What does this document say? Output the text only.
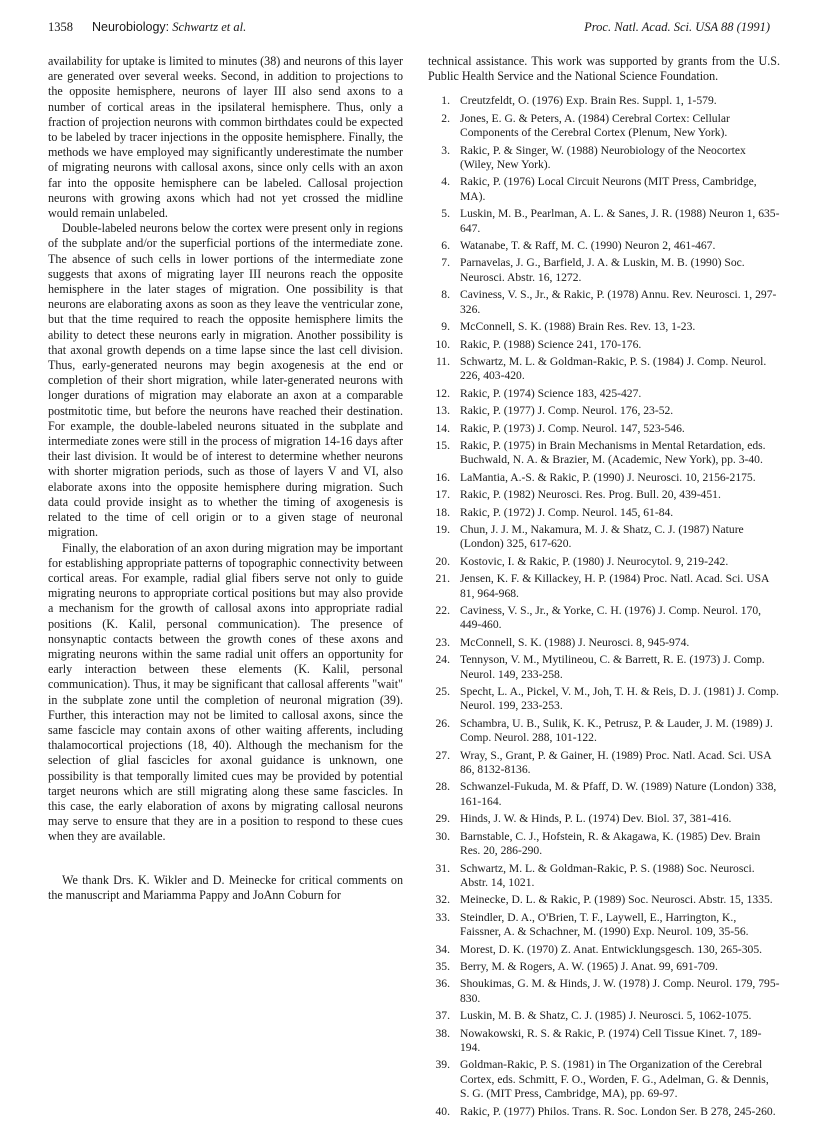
1358 Neurobiology: Schwartz et al.	Proc. Natl. Acad. Sci. USA 88 (1991)

availability for uptake is limited to minutes (38) and neurons of this layer are generated over several weeks. Second, in addition to projections to the opposite hemisphere, neurons of layer III also send axons to a number of cortical areas in the ipsilateral hemisphere. Thus, only a fraction of projection neurons with common birthdates could be expected to be labeled by tracer injections in the opposite hemisphere. Finally, the methods we have employed may significantly underestimate the number of migrating neurons with callosal axons, since only cells with an axon far into the opposite hemisphere can be labeled. Callosal projection neurons with growing axons which had not yet crossed the midline would remain unlabeled.

Double-labeled neurons below the cortex were present only in regions of the subplate and/or the superficial portions of the intermediate zone. The absence of such cells in lower portions of the intermediate zone suggests that axons of migrating layer III neurons reach the opposite hemisphere in the later stages of migration. One possibility is that neurons are elaborating axons as soon as they leave the ventricular zone, but that the time required to reach the opposite hemisphere limits the ability to detect these neurons early in migration. Another possibility is that axonal growth depends on a time lapse since the last cell division. Thus, early-generated neurons may begin axogenesis at the end or completion of their short migration, while later-generated neurons with longer durations of migration may elaborate an axon at a comparable postmitotic time, but before the neurons have reached their destination. For example, the double-labeled neurons situated in the subplate and intermediate zones were still in the process of migration 14-16 days after their last division. It would be of interest to determine whether neurons with shorter migration periods, such as those of layers V and VI, also elaborate axons into the opposite hemisphere during migration. Such data could provide insight as to whether the timing of axogenesis is related to the time of cell origin or to a given stage of neuronal migration.

Finally, the elaboration of an axon during migration may be important for establishing appropriate patterns of topographic connectivity between cortical areas. For example, radial glial fibers serve not only to guide migrating neurons to appropriate cortical positions but may also provide a mechanism for the growth of callosal axons into appropriate radial positions (K. Kalil, personal communication). The presence of nonsynaptic contacts between the growth cones of these axons and migrating neurons within the same radial unit offers an opportunity for early interaction between these elements (K. Kalil, personal communication). Thus, it may be significant that callosal afferents "wait" in the subplate zone until the completion of neuronal migration (39). Further, this interaction may not be limited to callosal axons, since the same fascicle may contain axons of other waiting afferents, including thalamocortical projections (18, 40). Although the mechanism for the selection of glial fascicles for axonal guidance is unknown, one possibility is that temporally limited cues may be provided by potential target neurons which are still migrating along these same fascicles. In this case, the early elaboration of axons by migrating callosal neurons may serve to ensure that they are in a position to respond to these cues when they are available.

We thank Drs. K. Wikler and D. Meinecke for critical comments on the manuscript and Mariamma Pappy and JoAnn Coburn for

technical assistance. This work was supported by grants from the U.S. Public Health Service and the National Science Foundation.

1. Creutzfeldt, O. (1976) Exp. Brain Res. Suppl. 1, 1-579.
2. Jones, E. G. & Peters, A. (1984) Cerebral Cortex: Cellular Components of the Cerebral Cortex (Plenum, New York).
3. Rakic, P. & Singer, W. (1988) Neurobiology of the Neocortex (Wiley, New York).
4. Rakic, P. (1976) Local Circuit Neurons (MIT Press, Cambridge, MA).
5. Luskin, M. B., Pearlman, A. L. & Sanes, J. R. (1988) Neuron 1, 635-647.
6. Watanabe, T. & Raff, M. C. (1990) Neuron 2, 461-467.
7. Parnavelas, J. G., Barfield, J. A. & Luskin, M. B. (1990) Soc. Neurosci. Abstr. 16, 1272.
8. Caviness, V. S., Jr., & Rakic, P. (1978) Annu. Rev. Neurosci. 1, 297-326.
9. McConnell, S. K. (1988) Brain Res. Rev. 13, 1-23.
10. Rakic, P. (1988) Science 241, 170-176.
11. Schwartz, M. L. & Goldman-Rakic, P. S. (1984) J. Comp. Neurol. 226, 403-420.
12. Rakic, P. (1974) Science 183, 425-427.
13. Rakic, P. (1977) J. Comp. Neurol. 176, 23-52.
14. Rakic, P. (1973) J. Comp. Neurol. 147, 523-546.
15. Rakic, P. (1975) in Brain Mechanisms in Mental Retardation, eds. Buchwald, N. A. & Brazier, M. (Academic, New York), pp. 3-40.
16. LaMantia, A.-S. & Rakic, P. (1990) J. Neurosci. 10, 2156-2175.
17. Rakic, P. (1982) Neurosci. Res. Prog. Bull. 20, 439-451.
18. Rakic, P. (1972) J. Comp. Neurol. 145, 61-84.
19. Chun, J. J. M., Nakamura, M. J. & Shatz, C. J. (1987) Nature (London) 325, 617-620.
20. Kostovic, I. & Rakic, P. (1980) J. Neurocytol. 9, 219-242.
21. Jensen, K. F. & Killackey, H. P. (1984) Proc. Natl. Acad. Sci. USA 81, 964-968.
22. Caviness, V. S., Jr., & Yorke, C. H. (1976) J. Comp. Neurol. 170, 449-460.
23. McConnell, S. K. (1988) J. Neurosci. 8, 945-974.
24. Tennyson, V. M., Mytilineou, C. & Barrett, R. E. (1973) J. Comp. Neurol. 149, 233-258.
25. Specht, L. A., Pickel, V. M., Joh, T. H. & Reis, D. J. (1981) J. Comp. Neurol. 199, 233-253.
26. Schambra, U. B., Sulik, K. K., Petrusz, P. & Lauder, J. M. (1989) J. Comp. Neurol. 288, 101-122.
27. Wray, S., Grant, P. & Gainer, H. (1989) Proc. Natl. Acad. Sci. USA 86, 8132-8136.
28. Schwanzel-Fukuda, M. & Pfaff, D. W. (1989) Nature (London) 338, 161-164.
29. Hinds, J. W. & Hinds, P. L. (1974) Dev. Biol. 37, 381-416.
30. Barnstable, C. J., Hofstein, R. & Akagawa, K. (1985) Dev. Brain Res. 20, 286-290.
31. Schwartz, M. L. & Goldman-Rakic, P. S. (1988) Soc. Neurosci. Abstr. 14, 1021.
32. Meinecke, D. L. & Rakic, P. (1989) Soc. Neurosci. Abstr. 15, 1335.
33. Steindler, D. A., O'Brien, T. F., Laywell, E., Harrington, K., Faissner, A. & Schachner, M. (1990) Exp. Neurol. 109, 35-56.
34. Morest, D. K. (1970) Z. Anat. Entwicklungsgesch. 130, 265-305.
35. Berry, M. & Rogers, A. W. (1965) J. Anat. 99, 691-709.
36. Shoukimas, G. M. & Hinds, J. W. (1978) J. Comp. Neurol. 179, 795-830.
37. Luskin, M. B. & Shatz, C. J. (1985) J. Neurosci. 5, 1062-1075.
38. Nowakowski, R. S. & Rakic, P. (1974) Cell Tissue Kinet. 7, 189-194.
39. Goldman-Rakic, P. S. (1981) in The Organization of the Cerebral Cortex, eds. Schmitt, F. O., Worden, F. G., Adelman, G. & Dennis, S. G. (MIT Press, Cambridge, MA), pp. 69-97.
40. Rakic, P. (1977) Philos. Trans. R. Soc. London Ser. B 278, 245-260.
